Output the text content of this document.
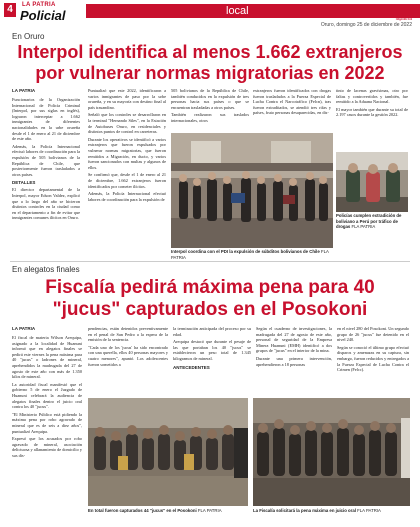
local
4	LA PATRIA
Policial	lapatria
Oruro, domingo 25 de diciembre de 2022
En Oruro
Interpol identifica al menos 1.662 extranjeros por vulnerar normas migratorias en 2022
LA PATRIA

Funcionarios de la Organización Internacional de Policía Criminal (Interpol, por sus siglas en inglés), lograron interceptar a 1.662 inmigrantes de diferentes nacionalidades en la urbe orureña desde el 1 de enero al 21 de diciembre de este año.

Además, la Policía Internacional efectuó labores de coordinación para la expulsión de 505 bolivianos de la República de Chile, que posteriormente fueron trasladados a otros países.

DETALLES

El director departamental de la Interpol, mayor Edson Valdez, explicó que a lo largo del año se hicieron distintos controles en la ciudad como en el departamento a fin de evitar que inmigrantes comunes ilícitos en Oruro.

Puntualizó que este 2022, identificaron a varios inmigrantes de paso por la urbe orureña, y en su mayoría con destino final al país trasandino.

Señaló que los controles se desarrollaron en la terminal "Hernando Siles", en la Estación de Autobuses Oruro, en residenciales y distintos puntos de control en carreteras.

Durante los operativos se identificó a varios extranjeros que fueron expulsados por vulnerar normas migratorias, que fueron remitidos a Migración, en ducto, y varios fueron sancionados con multas y algunos de ellos.

Se confirmó que, desde el 1 de enero al 21 de diciembre, 1.662 extranjeros fueron identificados por cometer ilícitos.

Además, la Policía Internacional efectuó labores de coordinación para la expulsión de

505 bolivianos de la República de Chile, también conducidos en la expulsión de tres personas hacia sus países o que se encuentran trasladadas a otros países.

También realizaron sus traslados internacionales, otros

extranjeros fueron identificados con drogas fueron trasladados a la Fuerza Especial de Lucha Contra el Narcotráfico (Felcn), tras fueron extraditados, se atendió tres rifas y países, fruto personas desaparecidas, en dis-

tinto de lacenas gravísimas, otro por faltas y controvertidos y también, fue remitido a la Aduana Nacional.

El mayor también que durante su total de 2.197 casos durante la gestión 2022.

Interpol coordina con el PDI la expulsión de súbditos bolivianos de Chile FLA PATRIA
Policías cumplen extradición de boliviano a Perú por tráfico de drogas FLA PATRIA
En alegatos finales
Fiscalía pedirá máxima pena para 40 "jucus" capturados en el Posokoni
LA PATRIA

El fiscal de materia Wilson Arequipa, asignado a la localidad de Huanuni informó que en alegatos finales se pedirá este viernes la pena máxima para 40 "jucus" o ladrones de mineral, aprehendidos la madrugada del 27 de agosto de este año con más de 1.350 kilos de mineral.

La autoridad fiscal manifestó que el gobierno 5 de enero el Juzgado de Huanuni celebrará la audiencia de alegatos finales dentro el juicio oral contra los 40 "jucus".

"El Ministerio Público está pidiendo la máxima pena por robo agravado de mineral que es de seis a diez años", puntualizó Arequipa.

Expresó que los acusados por robo agravado de mineral, asociación delictuosa y allanamiento de domicilio y sus dis-

pendencias, están detenidos preventivamente en el penal de San Pedro a la espera de la emisión de la sentencia.

"Cada uno de los 'jucus' ha sido encontrado con una querella, ellos 40 personas mayores y cuatro menores", apuntó. Los adolescentes fueron sometidos a

la terminación anticipada del proceso por su edad.

Arequipa destacó que durante el pesaje de las que portaban los 40 "jucus" se establecieron un peso total de 1.345 kilogramos de mineral.

ANTECEDENTES

Según el cuaderno de investigaciones, la madrugada del 27 de agosto de este año, personal de seguridad de la Empresa Minera Huanuni (EMH) identificó a dos grupos de "jucus" en el interior de la mina.

Durante una primera intervención, aprehendieron a 18 personas

en el nivel 280 del Posokoni. Un segundo grupo de 26 "jucus" fue detenido en el nivel 240.

Según se conoció el último grupo efectuó disparos y amenazas en su captura, sin embargo, fueron reducidos y entregados a la Fuerza Especial de Lucha Contra el Crimen (Felcc).

En total fueron capturados 44 "jucus" en el Posokoni FLA PATRIA	La Fiscalía solicitará la pena máxima en juicio oral FLA PATRIA
